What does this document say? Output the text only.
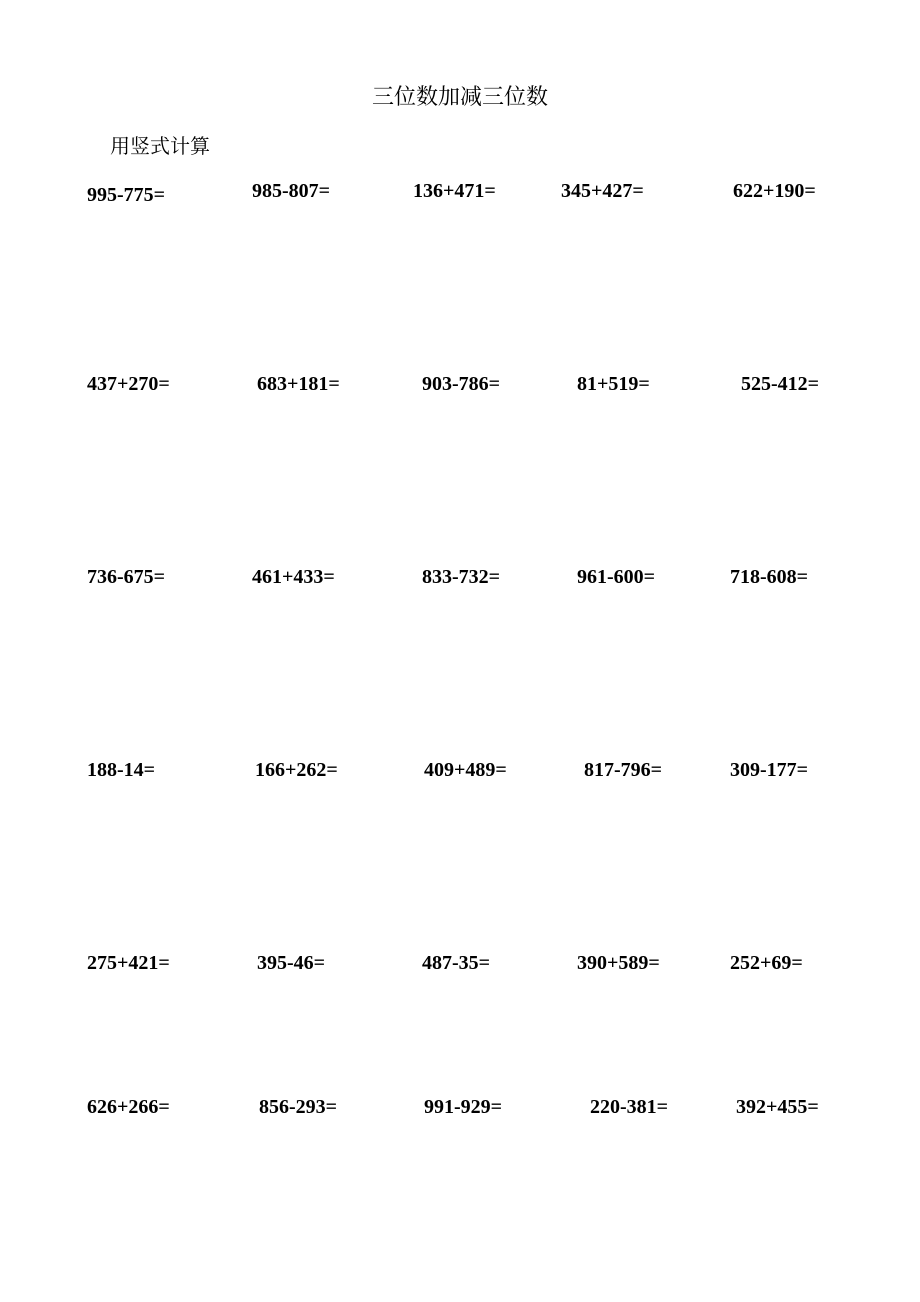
三位数加减三位数
用竖式计算
995-775=	985-807=	136+471=	345+427=	622+190=
437+270=	683+181=	903-786=	81+519=	525-412=
736-675=	461+433=	833-732=	961-600=	718-608=
188-14=	166+262=	409+489=	817-796=	309-177=
275+421=	395-46=	487-35=	390+589=	252+69=
626+266=	856-293=	991-929=	220-381=	392+455=
